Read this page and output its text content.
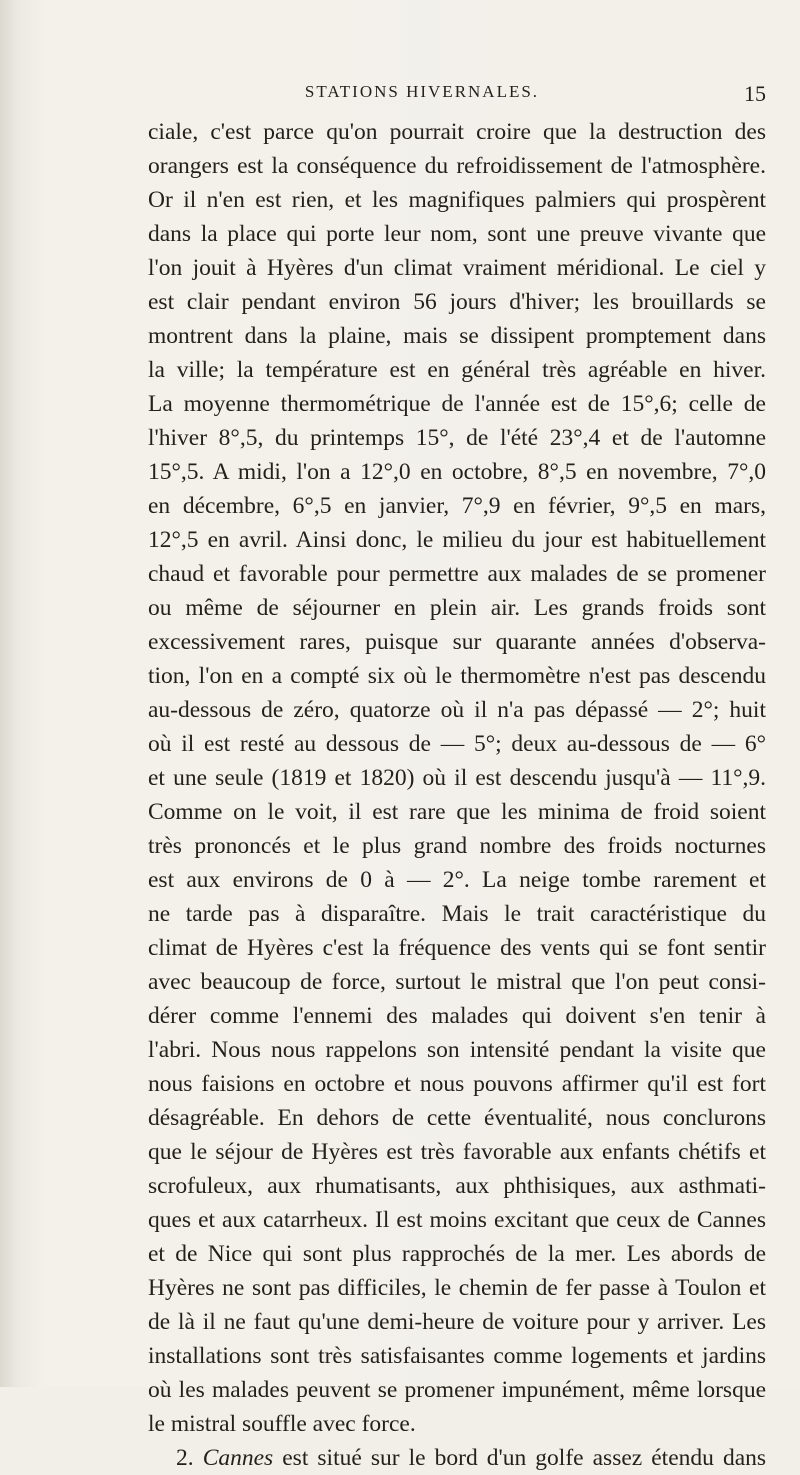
STATIONS HIVERNALES.	15
ciale, c'est parce qu'on pourrait croire que la destruction des
orangers est la conséquence du refroidissement de l'atmosphère.
Or il n'en est rien, et les magnifiques palmiers qui prospèrent
dans la place qui porte leur nom, sont une preuve vivante que
l'on jouit à Hyères d'un climat vraiment méridional. Le ciel y
est clair pendant environ 56 jours d'hiver; les brouillards se
montrent dans la plaine, mais se dissipent promptement dans
la ville; la température est en général très agréable en hiver.
La moyenne thermométrique de l'année est de 15°,6; celle de
l'hiver 8°,5, du printemps 15°, de l'été 23°,4 et de l'automne
15°,5. A midi, l'on a 12°,0 en octobre, 8°,5 en novembre, 7°,0
en décembre, 6°,5 en janvier, 7°,9 en février, 9°,5 en mars,
12°,5 en avril. Ainsi donc, le milieu du jour est habituellement
chaud et favorable pour permettre aux malades de se promener
ou même de séjourner en plein air. Les grands froids sont
excessivement rares, puisque sur quarante années d'observa-
tion, l'on en a compté six où le thermomètre n'est pas descendu
au-dessous de zéro, quatorze où il n'a pas dépassé — 2°; huit
où il est resté au dessous de — 5°; deux au-dessous de — 6°
et une seule (1819 et 1820) où il est descendu jusqu'à — 11°,9.
Comme on le voit, il est rare que les minima de froid soient
très prononcés et le plus grand nombre des froids nocturnes
est aux environs de 0 à — 2°. La neige tombe rarement et
ne tarde pas à disparaître. Mais le trait caractéristique du
climat de Hyères c'est la fréquence des vents qui se font sentir
avec beaucoup de force, surtout le mistral que l'on peut consi-
dérer comme l'ennemi des malades qui doivent s'en tenir à
l'abri. Nous nous rappelons son intensité pendant la visite que
nous faisions en octobre et nous pouvons affirmer qu'il est fort
désagréable. En dehors de cette éventualité, nous conclurons
que le séjour de Hyères est très favorable aux enfants chétifs et
scrofuleux, aux rhumatisants, aux phthisiques, aux asthmati-
ques et aux catarrheux. Il est moins excitant que ceux de Cannes
et de Nice qui sont plus rapprochés de la mer. Les abords de
Hyères ne sont pas difficiles, le chemin de fer passe à Toulon et
de là il ne faut qu'une demi-heure de voiture pour y arriver. Les
installations sont très satisfaisantes comme logements et jardins
où les malades peuvent se promener impunément, même lorsque
le mistral souffle avec force.
2. Cannes est situé sur le bord d'un golfe assez étendu dans
